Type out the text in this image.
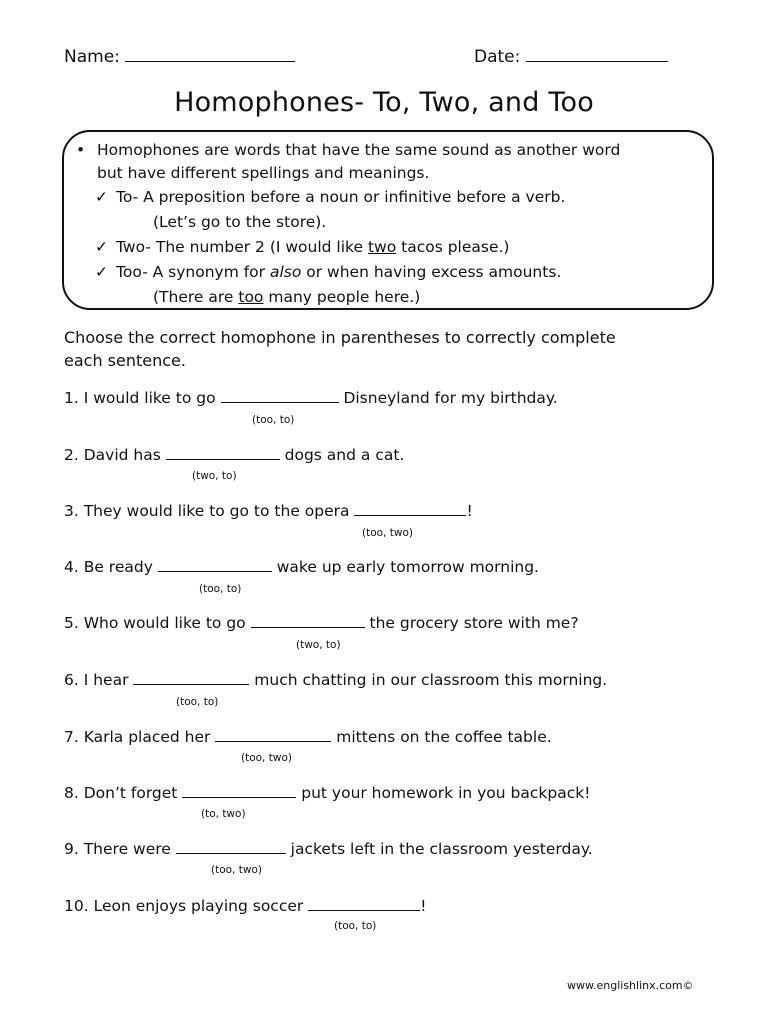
Name:	Date:
Homophones- To, Two, and Too
• Homophones are words that have the same sound as another word
but have different spellings and meanings.
✓ To- A preposition before a noun or infinitive before a verb.
(Let’s go to the store).
✓ Two- The number 2 (I would like two tacos please.)
✓ Too- A synonym for also or when having excess amounts.
(There are too many people here.)
Choose the correct homophone in parentheses to correctly complete
each sentence.
1. I would like to go	Disneyland for my birthday.
(too, to)
2. David has	dogs and a cat.
(two, to)
3. They would like to go to the opera	!
(too, two)
4. Be ready	wake up early tomorrow morning.
(too, to)
5. Who would like to go	the grocery store with me?
(two, to)
6. I hear	much chatting in our classroom this morning.
(too, to)
7. Karla placed her	mittens on the coffee table.
(too, two)
8. Don’t forget	put your homework in you backpack!
(to, two)
9. There were	jackets left in the classroom yesterday.
(too, two)
10. Leon enjoys playing soccer	!
(too, to)
www.englishlinx.com©
